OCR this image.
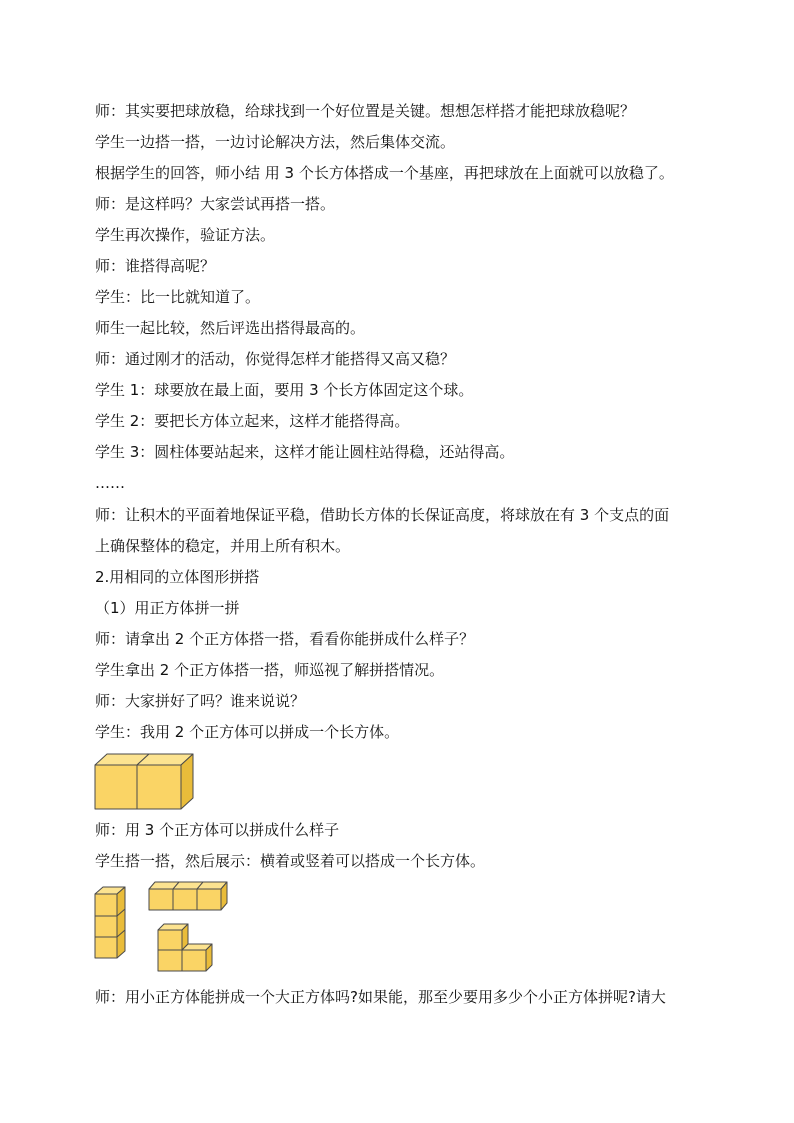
师：其实要把球放稳，给球找到一个好位置是关键。想想怎样搭才能把球放稳呢？
学生一边搭一搭，一边讨论解决方法，然后集体交流。
根据学生的回答，师小结 用 3 个长方体搭成一个基座，再把球放在上面就可以放稳了。
师：是这样吗？大家尝试再搭一搭。
学生再次操作，验证方法。
师：谁搭得高呢？
学生：比一比就知道了。
师生一起比较，然后评选出搭得最高的。
师：通过刚才的活动，你觉得怎样才能搭得又高又稳？
学生 1：球要放在最上面，要用 3 个长方体固定这个球。
学生 2：要把长方体立起来，这样才能搭得高。
学生 3：圆柱体要站起来，这样才能让圆柱站得稳，还站得高。
……
师：让积木的平面着地保证平稳，借助长方体的长保证高度，将球放在有 3 个支点的面
上确保整体的稳定，并用上所有积木。
2.用相同的立体图形拼搭
（1）用正方体拼一拼
师：请拿出 2 个正方体搭一搭，看看你能拼成什么样子？
学生拿出 2 个正方体搭一搭，师巡视了解拼搭情况。
师：大家拼好了吗？谁来说说？
学生：我用 2 个正方体可以拼成一个长方体。
师：用 3 个正方体可以拼成什么样子
学生搭一搭，然后展示：横着或竖着可以搭成一个长方体。
师：用小正方体能拼成一个大正方体吗?如果能，那至少要用多少个小正方体拼呢?请大
